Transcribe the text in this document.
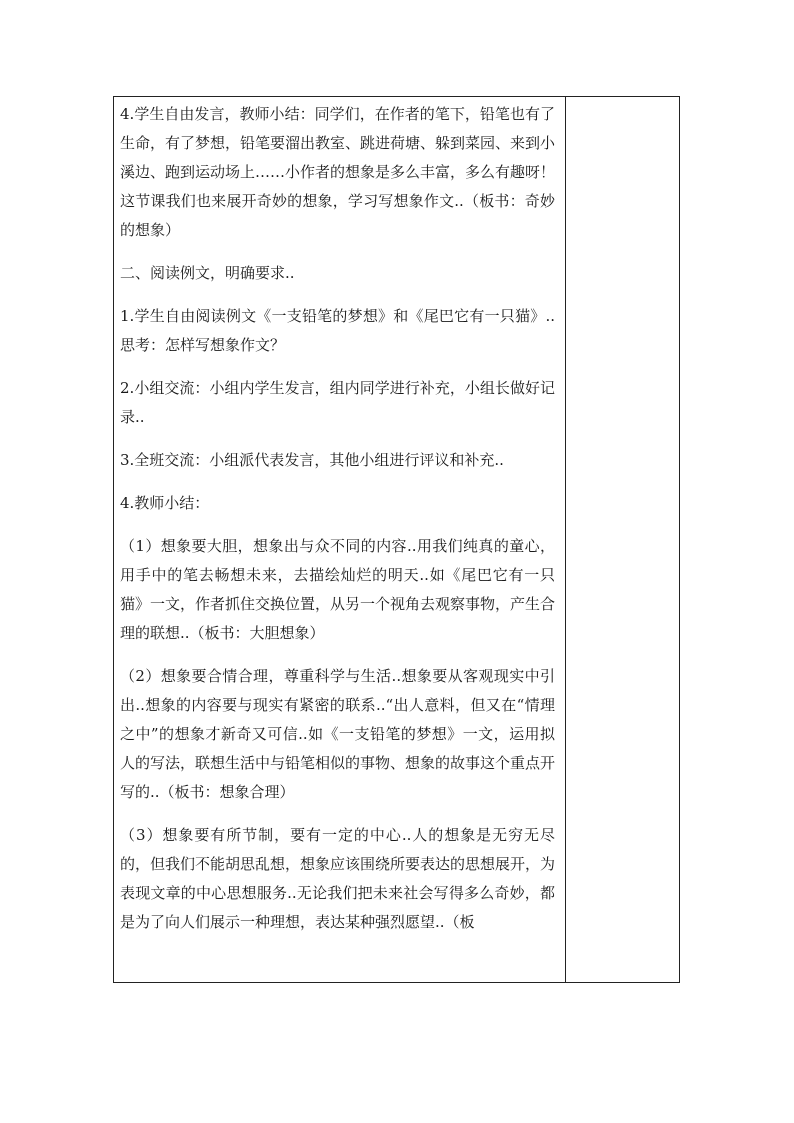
4.学生自由发言，教师小结：同学们，在作者的笔下，铅笔也有了生命，有了梦想，铅笔要溜出教室、跳进荷塘、躲到菜园、来到小溪边、跑到运动场上……小作者的想象是多么丰富，多么有趣呀！这节课我们也来展开奇妙的想象，学习写想象作文..（板书：奇妙的想象）

二、阅读例文，明确要求..

1.学生自由阅读例文《一支铅笔的梦想》和《尾巴它有一只猫》..思考：怎样写想象作文？

2.小组交流：小组内学生发言，组内同学进行补充，小组长做好记录..

3.全班交流：小组派代表发言，其他小组进行评议和补充..

4.教师小结：

（1）想象要大胆，想象出与众不同的内容..用我们纯真的童心，用手中的笔去畅想未来，去描绘灿烂的明天..如《尾巴它有一只猫》一文，作者抓住交换位置，从另一个视角去观察事物，产生合理的联想..（板书：大胆想象）

（2）想象要合情合理，尊重科学与生活..想象要从客观现实中引出..想象的内容要与现实有紧密的联系..“出人意料，但又在“情理之中”的想象才新奇又可信..如《一支铅笔的梦想》一文，运用拟人的写法，联想生活中与铅笔相似的事物、想象的故事这个重点开写的..（板书：想象合理）

（3）想象要有所节制，要有一定的中心..人的想象是无穷无尽的，但我们不能胡思乱想，想象应该围绕所要表达的思想展开，为表现文章的中心思想服务..无论我们把未来社会写得多么奇妙，都是为了向人们展示一种理想，表达某种强烈愿望..（板
